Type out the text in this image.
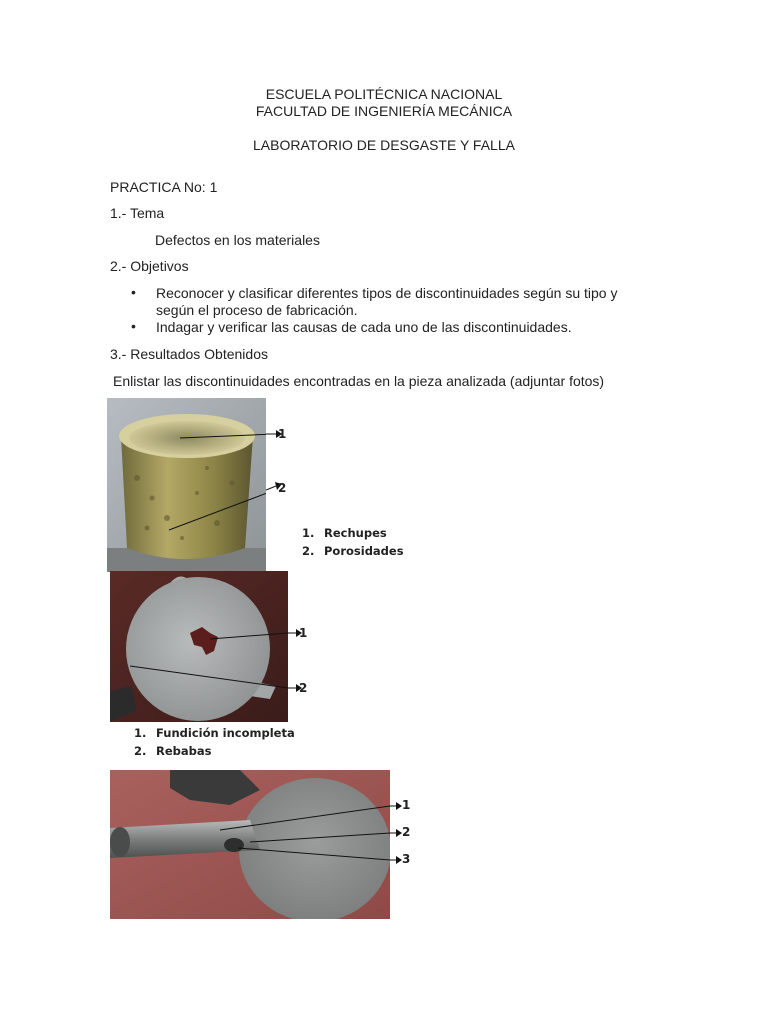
ESCUELA POLITÉCNICA NACIONAL
FACULTAD DE INGENIERÍA MECÁNICA
LABORATORIO DE DESGASTE Y FALLA
PRACTICA No: 1
1.- Tema
Defectos en los materiales
2.- Objetivos
• Reconocer y clasificar diferentes tipos de discontinuidades según su tipo y
según el proceso de fabricación.
• Indagar y verificar las causas de cada uno de las discontinuidades.
3.- Resultados Obtenidos
Enlistar las discontinuidades encontradas en la pieza analizada (adjuntar fotos)
1
2
1. Rechupes
2. Porosidades
1
2
1. Fundición incompleta
2. Rebabas
1
2
3
